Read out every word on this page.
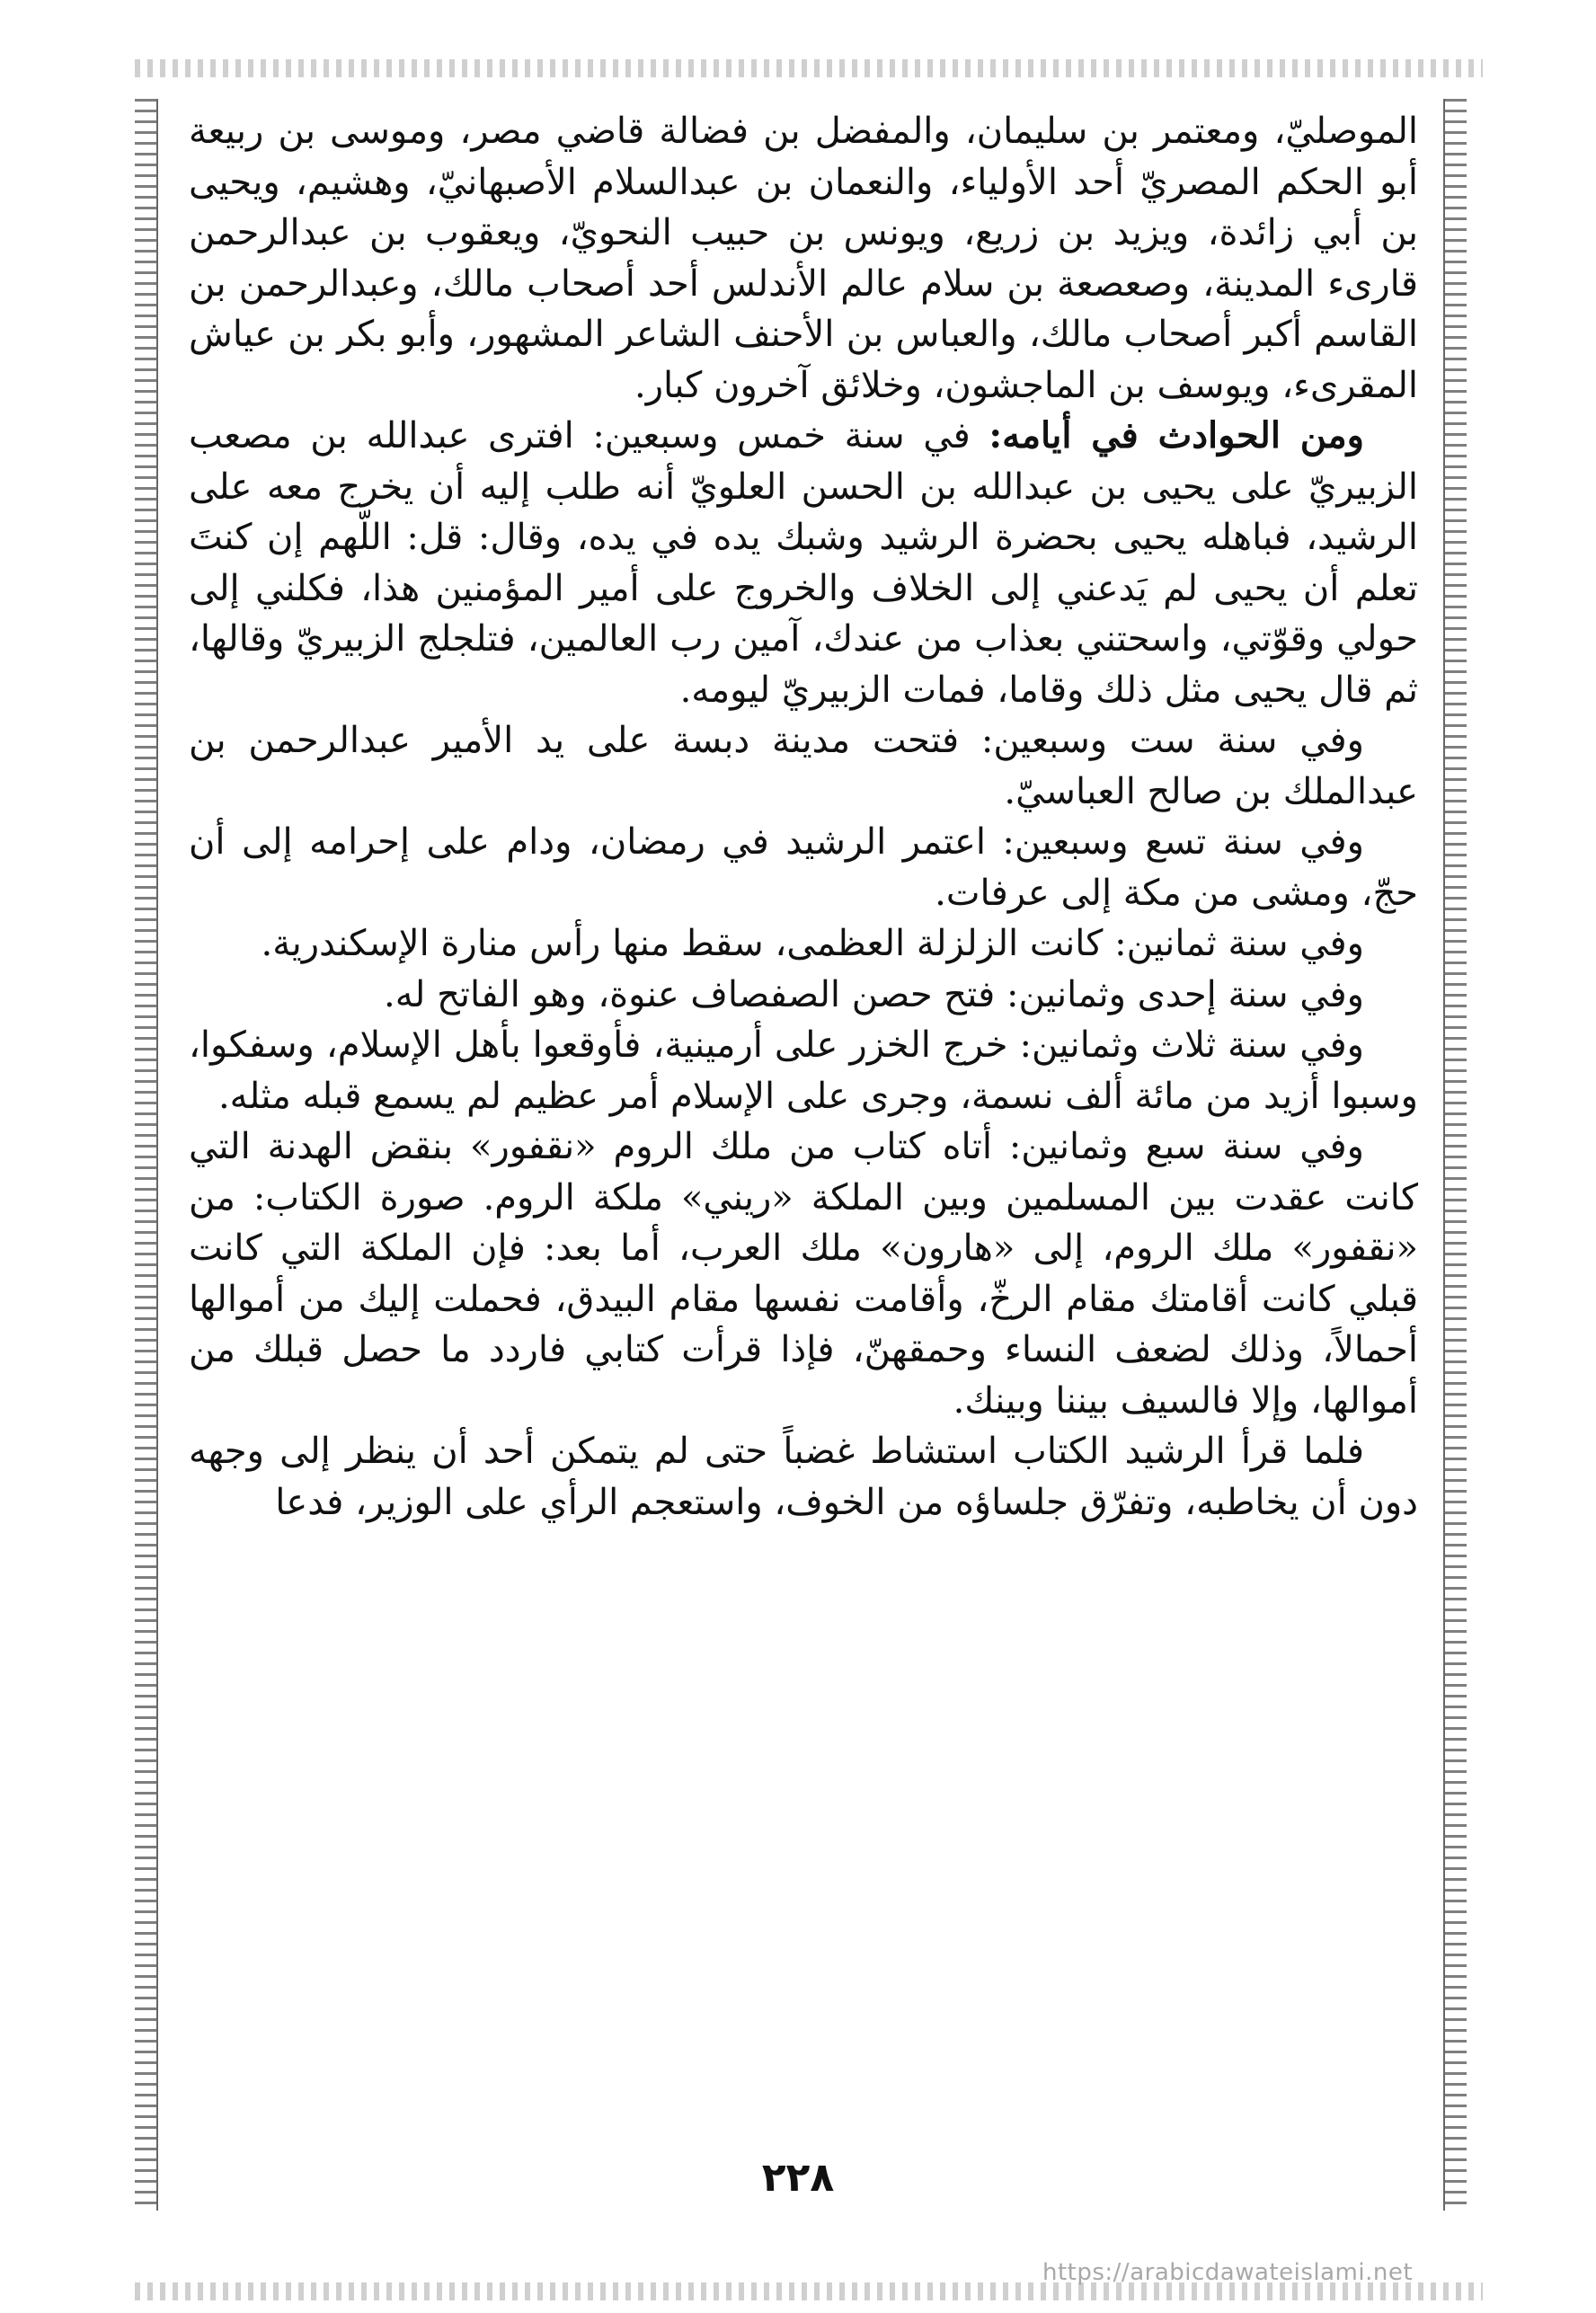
الموصليّ، ومعتمر بن سليمان، والمفضل بن فضالة قاضي مصر، وموسى بن ربيعة أبو الحكم المصريّ أحد الأولياء، والنعمان بن عبدالسلام الأصبهانيّ، وهشيم، ويحيى بن أبي زائدة، ويزيد بن زريع، ويونس بن حبيب النحويّ، ويعقوب بن عبدالرحمن قارىء المدينة، وصعصعة بن سلام عالم الأندلس أحد أصحاب مالك، وعبدالرحمن بن القاسم أكبر أصحاب مالك، والعباس بن الأحنف الشاعر المشهور، وأبو بكر بن عياش المقرىء، ويوسف بن الماجشون، وخلائق آخرون كبار.

ومن الحوادث في أيامه: في سنة خمس وسبعين: افترى عبدالله بن مصعب الزبيريّ على يحيى بن عبدالله بن الحسن العلويّ أنه طلب إليه أن يخرج معه على الرشيد، فباهله يحيى بحضرة الرشيد وشبك يده في يده، وقال: قل: اللّهم إن كنتَ تعلم أن يحيى لم يَدعني إلى الخلاف والخروج على أمير المؤمنين هذا، فكلني إلى حولي وقوّتي، واسحتني بعذاب من عندك، آمين رب العالمين، فتلجلج الزبيريّ وقالها، ثم قال يحيى مثل ذلك وقاما، فمات الزبيريّ ليومه.

وفي سنة ست وسبعين: فتحت مدينة دبسة على يد الأمير عبدالرحمن بن عبدالملك بن صالح العباسيّ.

وفي سنة تسع وسبعين: اعتمر الرشيد في رمضان، ودام على إحرامه إلى أن حجّ، ومشى من مكة إلى عرفات.

وفي سنة ثمانين: كانت الزلزلة العظمى، سقط منها رأس منارة الإسكندرية.

وفي سنة إحدى وثمانين: فتح حصن الصفصاف عنوة، وهو الفاتح له.

وفي سنة ثلاث وثمانين: خرج الخزر على أرمينية، فأوقعوا بأهل الإسلام، وسفكوا، وسبوا أزيد من مائة ألف نسمة، وجرى على الإسلام أمر عظيم لم يسمع قبله مثله.

وفي سنة سبع وثمانين: أتاه كتاب من ملك الروم «نقفور» بنقض الهدنة التي كانت عقدت بين المسلمين وبين الملكة «ريني» ملكة الروم. صورة الكتاب: من «نقفور» ملك الروم، إلى «هارون» ملك العرب، أما بعد: فإن الملكة التي كانت قبلي كانت أقامتك مقام الرخّ، وأقامت نفسها مقام البيدق، فحملت إليك من أموالها أحمالاً، وذلك لضعف النساء وحمقهنّ، فإذا قرأت كتابي فاردد ما حصل قبلك من أموالها، وإلا فالسيف بيننا وبينك.

فلما قرأ الرشيد الكتاب استشاط غضباً حتى لم يتمكن أحد أن ينظر إلى وجهه دون أن يخاطبه، وتفرّق جلساؤه من الخوف، واستعجم الرأي على الوزير، فدعا

٢٢٨
https://arabicdawateislami.net
